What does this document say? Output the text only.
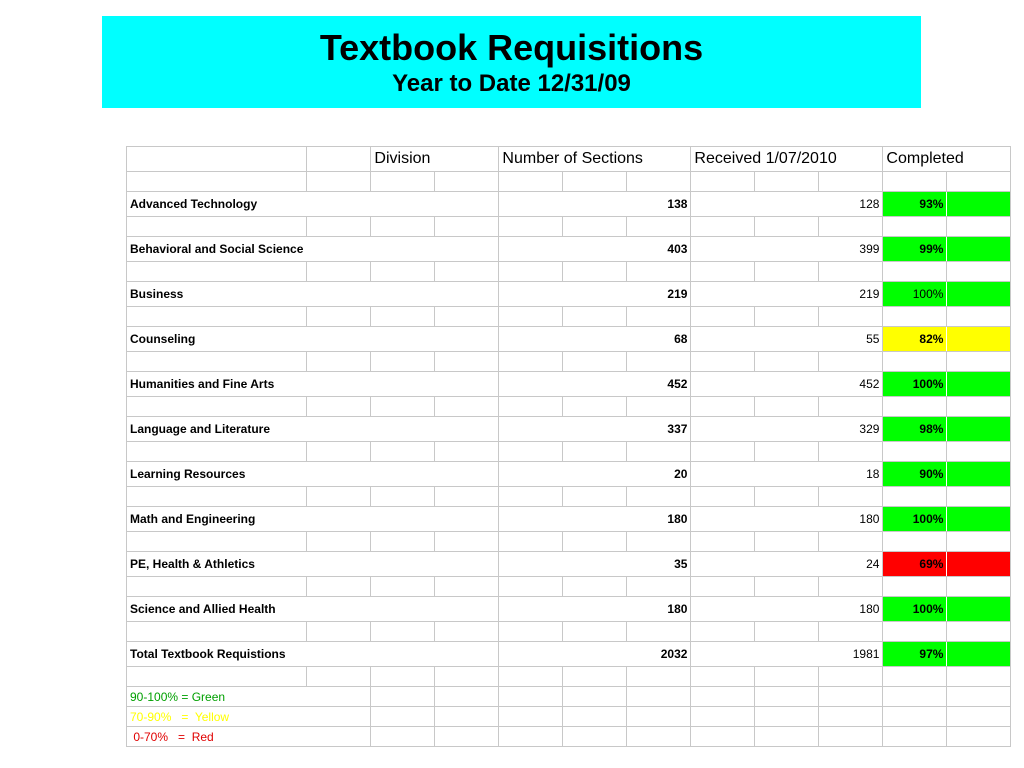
Textbook Requisitions
Year to Date 12/31/09
		Division		Number of Sections			Received 1/07/2010			Completed	

Advanced Technology						138			128	93%	

Behavioral and Social Science						403			399	99%	

Business						219			219	100%	

Counseling						68			55	82%	

Humanities and Fine Arts						452			452	100%	

Language and Literature						337			329	98%	

Learning Resources						20			18	90%	

Math and Engineering						180			180	100%	

PE, Health & Athletics						35			24	69%	

Science and Allied Health						180			180	100%	

Total Textbook Requistions						2032			1981	97%	

90-100% = Green											
70-90%   =  Yellow											
0-70%   =  Red											
